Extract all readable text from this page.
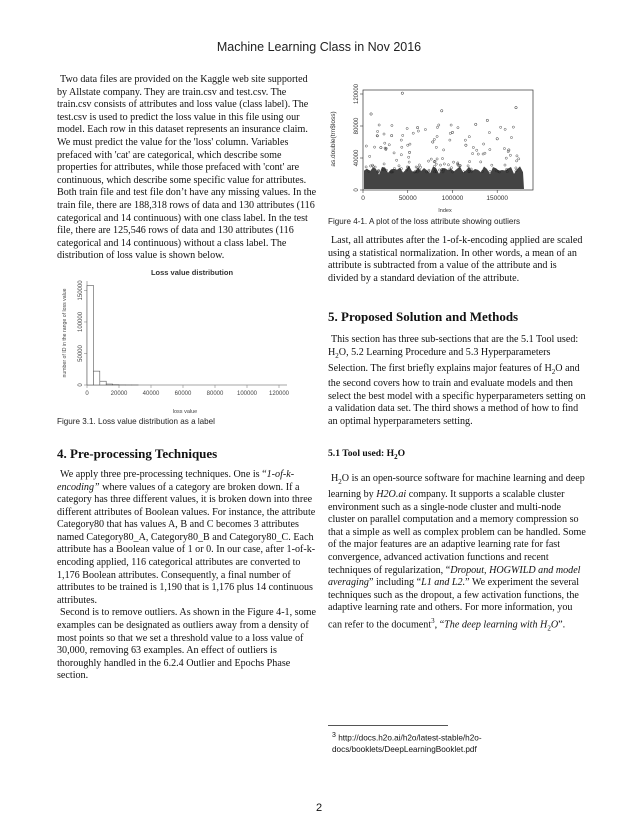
Machine Learning Class in Nov 2016

Two data files are provided on the Kaggle web site supported by Allstate company. They are train.csv and test.csv. The train.csv consists of attributes and loss value (class label). The test.csv is used to predict the loss value in this file using our model. Each row in this dataset represents an insurance claim. We must predict the value for the 'loss' column. Variables prefaced with 'cat' are categorical, which describe some properties for attributes, while those prefaced with 'cont' are continuous, which describe some specific value for attributes. Both train file and test file don’t have any missing values. In the train file, there are 188,318 rows of data and 130 attributes (116 categorical and 14 continuous) with one class label. In the test file, there are 125,546 rows of data and 130 attributes (116 categorical and 14 continuous) without a class label. The distribution of loss value is shown below.

Loss value distribution
number of ID in the range of loss value
loss value
0	20000	40000	60000	80000 100000 120000
0
50000
100000
150000

Figure 3.1. Loss value distribution as a label

4. Pre-processing Techniques

We apply three pre-processing techniques. One is “1-of-k-encoding” where values of a category are broken down. If a category has three different values, it is broken down into three different attributes of Boolean values. For instance, the attribute Category80 that has values A, B and C becomes 3 attributes named Category80_A, Category80_B and Category80_C. Each attribute has a Boolean value of 1 or 0. In our case, after 1-of-k-encoding applied, 116 categorical attributes are converted to 1,176 Boolean attributes. Consequently, a final number of attributes to be trained is 1,190 that is 1,176 plus 14 continuous attributes.

Second is to remove outliers. As shown in the Figure 4-1, some examples can be designated as outliers away from a density of most points so that we set a threshold value to a loss value of 30,000, removing 63 examples. An effect of outliers is thoroughly handled in the 6.2.4 Outlier and Epochs Phase section.

as.double(trn$loss)
Index
0	50000	100000	150000
0
40000
80000
120000

Figure 4-1. A plot of the loss attribute showing outliers

Last, all attributes after the 1-of-k-encoding applied are scaled using a statistical normalization. In other words, a mean of an attribute is subtracted from a value of the attribute and is divided by a standard deviation of the attribute.

5. Proposed Solution and Methods

This section has three sub-sections that are the 5.1 Tool used: $H_2O$, 5.2 Learning Procedure and 5.3 Hyperparameters Selection. The first briefly explains major features of $H_2O$ and the second covers how to train and evaluate models and then select the best model with a specific hyperparameters setting on a validation data set. The third shows a method of how to find an optimal hyperparameters setting.

5.1 Tool used: $H_2O$

$H_2O$ is an open-source software for machine learning and deep learning by H2O.ai company. It supports a scalable cluster environment such as a single-node cluster and multi-node cluster on parallel computation and a memory compression so that a simple as well as complex problem can be handled. Some of the major features are an adaptive learning rate for fast convergence, advanced activation functions and recent techniques of regularization, “Dropout, HOGWILD and model averaging” including “L1 and L2.” We experiment the several techniques such as the dropout, a few activation functions, the adaptive learning rate and others. For more information, you can refer to the document$^3$, “The deep learning with $H_2O$”.

$^3$ http://docs.h2o.ai/h2o/latest-stable/h2o-docs/booklets/DeepLearningBooklet.pdf
2
